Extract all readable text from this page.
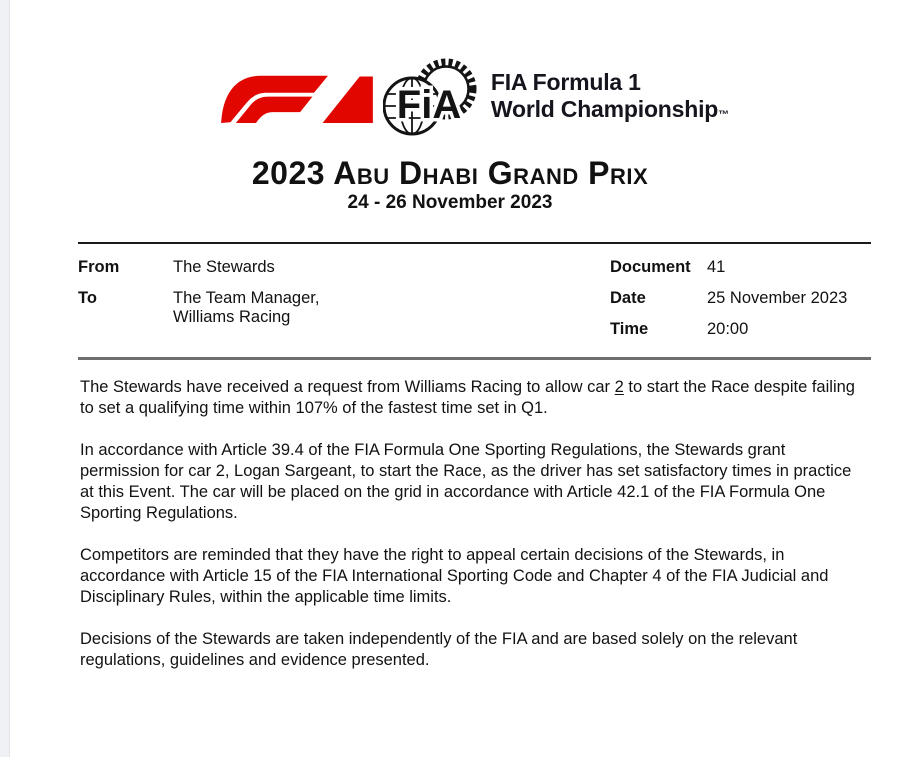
FiA
FIA Formula 1
World Championship™
2023 Abu Dhabi Grand Prix
24 - 26 November 2023
From	The Stewards
To	The Team Manager,
Williams Racing
Document 41
Date	25 November 2023
Time	20:00

The Stewards have received a request from Williams Racing to allow car 2 to start the Race despite failing to set a qualifying time within 107% of the fastest time set in Q1.

In accordance with Article 39.4 of the FIA Formula One Sporting Regulations, the Stewards grant permission for car 2, Logan Sargeant, to start the Race, as the driver has set satisfactory times in practice at this Event. The car will be placed on the grid in accordance with Article 42.1 of the FIA Formula One Sporting Regulations.

Competitors are reminded that they have the right to appeal certain decisions of the Stewards, in accordance with Article 15 of the FIA International Sporting Code and Chapter 4 of the FIA Judicial and Disciplinary Rules, within the applicable time limits.

Decisions of the Stewards are taken independently of the FIA and are based solely on the relevant regulations, guidelines and evidence presented.
